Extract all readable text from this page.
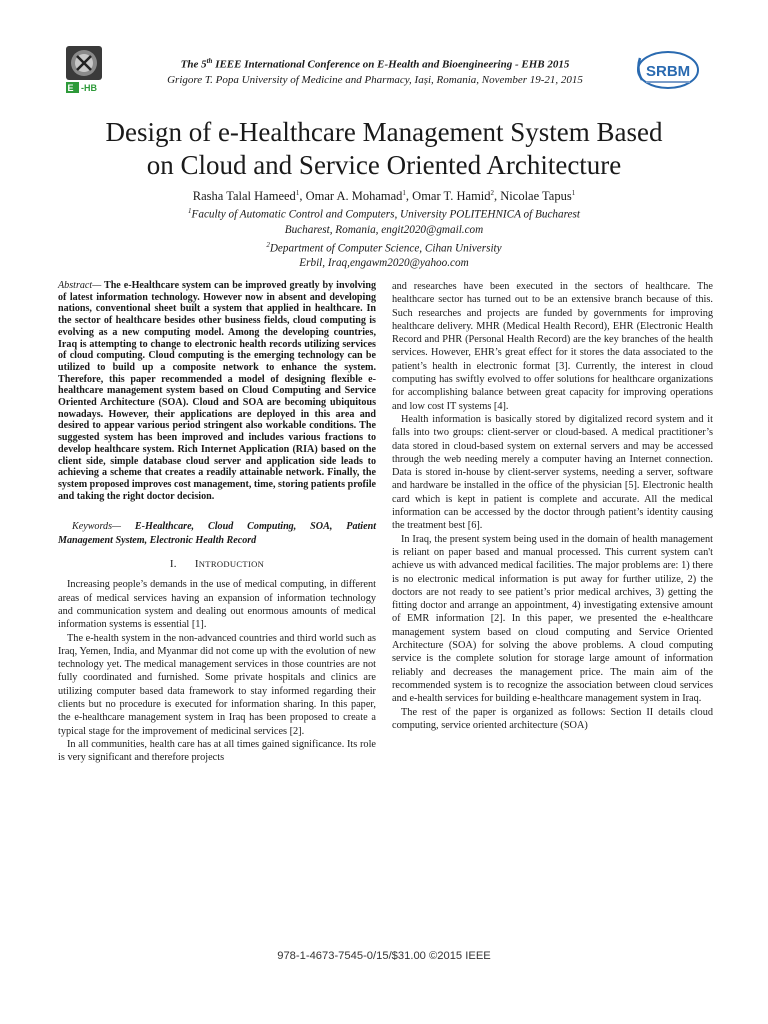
E -HB
The 5th IEEE International Conference on E-Health and Bioengineering - EHB 2015
Grigore T. Popa University of Medicine and Pharmacy, Iași, Romania, November 19-21, 2015	SRBM
Design of e-Healthcare Management System Based
on Cloud and Service Oriented Architecture
Rasha Talal Hameed$^1$, Omar A. Mohamad$^1$, Omar T. Hamid$^2$, Nicolae Tapus$^1$
$^1$Faculty of Automatic Control and Computers, University POLITEHNICA of Bucharest
Bucharest, Romania, engit2020@gmail.com
$^2$Department of Computer Science, Cihan University
Erbil, Iraq,engawm2020@yahoo.com

Abstract— The e-Healthcare system can be improved greatly by involving of latest information technology. However now in absent and developing nations, conventional sheet built a system that applied in healthcare. In the sector of healthcare besides other business fields, cloud computing is evolving as a new computing model. Among the developing countries, Iraq is attempting to change to electronic health records utilizing services of cloud computing. Cloud computing is the emerging technology can be utilized to build up a composite network to enhance the system. Therefore, this paper recommended a model of designing flexible e-healthcare management system based on Cloud Computing and Service Oriented Architecture (SOA). Cloud and SOA are becoming ubiquitous nowadays. However, their applications are deployed in this area and desired to appear various period stringent also workable conditions. The suggested system has been improved and includes various fractions to develop healthcare system. Rich Internet Application (RIA) based on the client side, simple database cloud server and application side leads to achieving a scheme that creates a readily attainable network. Finally, the system proposed improves cost management, time, storing patients profile and taking the right doctor decision.

Keywords— E-Healthcare, Cloud Computing, SOA, Patient Management System, Electronic Health Record

I. INTRODUCTION

Increasing people’s demands in the use of medical computing, in different areas of medical services having an expansion of information technology and communication system and dealing out enormous amounts of medical information systems is essential [1].

The e-health system in the non-advanced countries and third world such as Iraq, Yemen, India, and Myanmar did not come up with the evolution of new technology yet. The medical management services in those countries are not fully coordinated and furnished. Some private hospitals and clinics are utilizing computer based data framework to stay informed regarding their clients but no procedure is executed for information sharing. In this paper, the e-healthcare management system in Iraq has been proposed to create a typical stage for the improvement of medicinal services [2].

In all communities, health care has at all times gained significance. Its role is very significant and therefore projects

and researches have been executed in the sectors of healthcare. The healthcare sector has turned out to be an extensive branch because of this. Such researches and projects are funded by governments for improving healthcare delivery. MHR (Medical Health Record), EHR (Electronic Health Record and PHR (Personal Health Record) are the key branches of the health services. However, EHR’s great effect for it stores the data associated to the patient’s health in electronic format [3]. Currently, the interest in cloud computing has swiftly evolved to offer solutions for healthcare organizations for accomplishing balance between great capacity for improving operations and low cost IT systems [4].

Health information is basically stored by digitalized record system and it falls into two groups: client-server or cloud-based. A medical practitioner’s data stored in cloud-based system on external servers and may be accessed through the web needing merely a computer having an Internet connection. Data is stored in-house by client-server systems, needing a server, software and hardware be installed in the office of the physician [5]. Electronic health card which is kept in patient is complete and accurate. All the medical information can be accessed by the doctor through patient’s identity causing the treatment best [6].

In Iraq, the present system being used in the domain of health management is reliant on paper based and manual processed. This current system can't achieve us with advanced medical facilities. The major problems are: 1) there is no electronic medical information is put away for further utilize, 2) the doctors are not ready to see patient’s prior medical archives, 3) getting the fitting doctor and arrange an appointment, 4) investigating extensive amount of EMR information [2]. In this paper, we presented the e-healthcare management system based on cloud computing and Service Oriented Architecture (SOA) for solving the above problems. A cloud computing service is the complete solution for storage large amount of information reliably and decreases the management price. The main aim of the recommended system is to recognize the association between cloud services and e-health services for building e-healthcare management system in Iraq.

The rest of the paper is organized as follows: Section II details cloud computing, service oriented architecture (SOA)

978-1-4673-7545-0/15/$31.00 ©2015 IEEE
